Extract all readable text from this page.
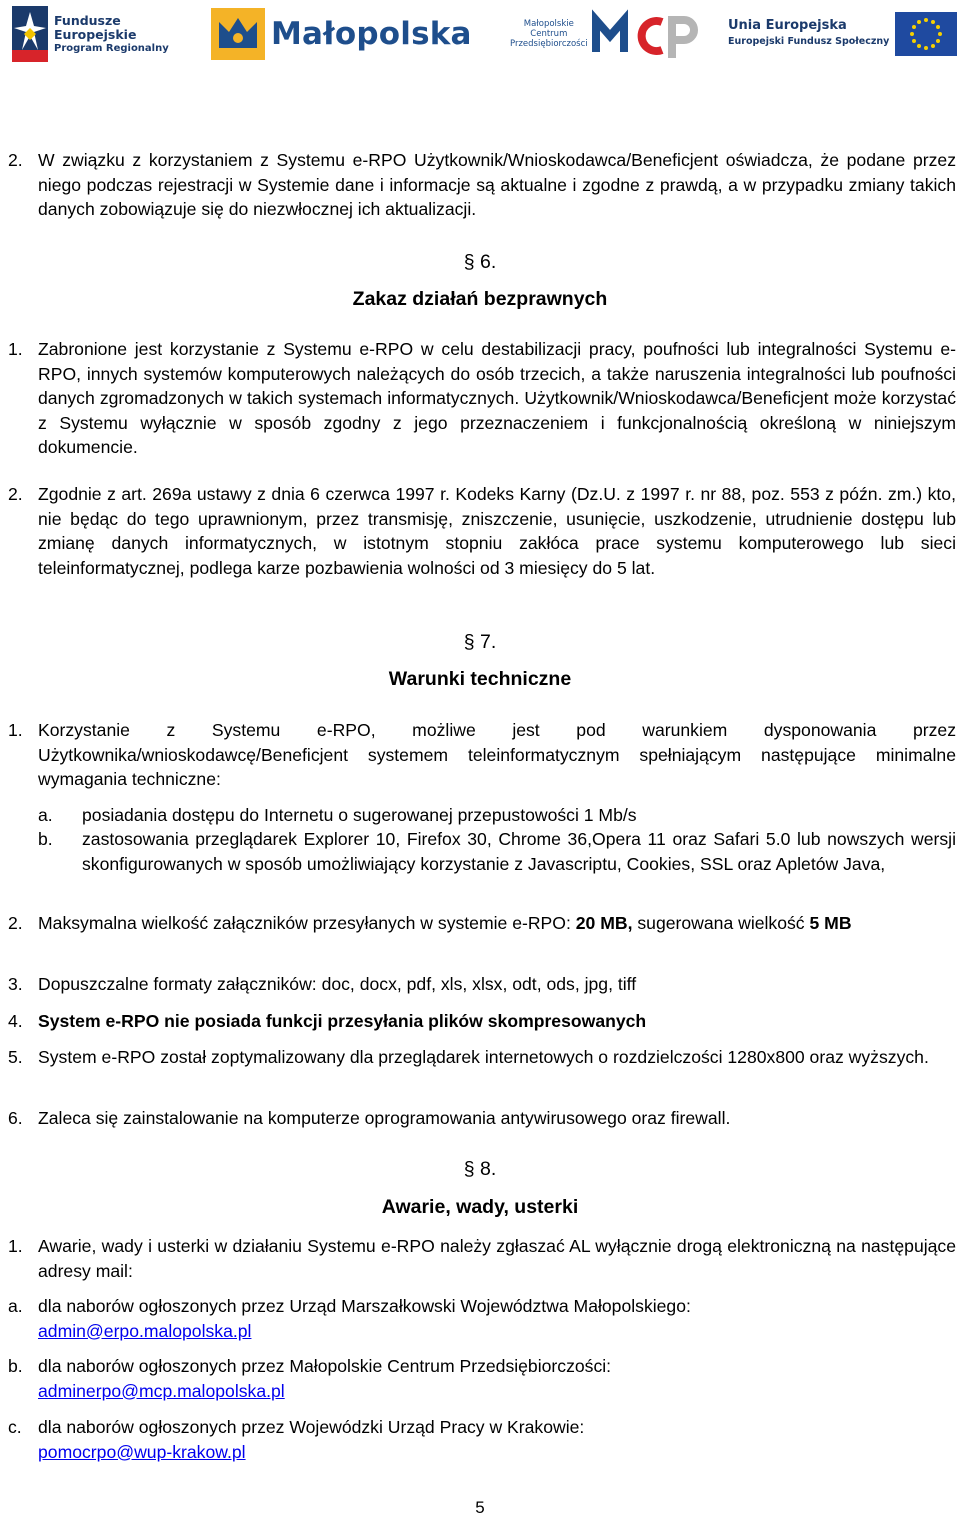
Fundusze
Europejskie
Program Regionalny	Małopolska	Małopolskie
Centrum
Przedsiębiorczości
Unia Europejska
Europejski Fundusz Społeczny
2. W związku z korzystaniem z Systemu e-RPO Użytkownik/Wnioskodawca/Beneficjent oświadcza, że podane przez niego podczas rejestracji w Systemie dane i informacje są aktualne i zgodne z prawdą, a w przypadku zmiany takich danych zobowiązuje się do niezwłocznej ich aktualizacji.
§ 6.
Zakaz działań bezprawnych
1. Zabronione jest korzystanie z Systemu e-RPO w celu destabilizacji pracy, poufności lub integralności Systemu e-RPO, innych systemów komputerowych należących do osób trzecich, a także naruszenia integralności lub poufności danych zgromadzonych w takich systemach informatycznych. Użytkownik/Wnioskodawca/Beneficjent może korzystać z Systemu wyłącznie w sposób zgodny z jego przeznaczeniem i funkcjonalnością określoną w niniejszym dokumencie.
2. Zgodnie z art. 269a ustawy z dnia 6 czerwca 1997 r. Kodeks Karny (Dz.U. z 1997 r. nr 88, poz. 553 z późn. zm.) kto, nie będąc do tego uprawnionym, przez transmisję, zniszczenie, usunięcie, uszkodzenie, utrudnienie dostępu lub zmianę danych informatycznych, w istotnym stopniu zakłóca prace systemu komputerowego lub sieci teleinformatycznej, podlega karze pozbawienia wolności od 3 miesięcy do 5 lat.
§ 7.
Warunki techniczne
1. Korzystanie z Systemu e-RPO, możliwe jest pod warunkiem dysponowania przez Użytkownika/wnioskodawcę/Beneficjent systemem teleinformatycznym spełniającym następujące minimalne wymagania techniczne:
a. posiadania dostępu do Internetu o sugerowanej przepustowości 1 Mb/s
b. zastosowania przeglądarek Explorer 10, Firefox 30, Chrome 36,Opera 11 oraz Safari 5.0 lub nowszych wersji skonfigurowanych w sposób umożliwiający korzystanie z Javascriptu, Cookies, SSL oraz Apletów Java,
2. Maksymalna wielkość załączników przesyłanych w systemie e-RPO: 20 MB, sugerowana wielkość 5 MB
3. Dopuszczalne formaty załączników: doc, docx, pdf, xls, xlsx, odt, ods, jpg, tiff
4. System e-RPO nie posiada funkcji przesyłania plików skompresowanych
5. System e-RPO został zoptymalizowany dla przeglądarek internetowych o rozdzielczości 1280x800 oraz wyższych.
6. Zaleca się zainstalowanie na komputerze oprogramowania antywirusowego oraz firewall.
§ 8.
Awarie, wady, usterki
1. Awarie, wady i usterki w działaniu Systemu e-RPO należy zgłaszać AL wyłącznie drogą elektroniczną na następujące adresy mail:
a. dla naborów ogłoszonych przez Urząd Marszałkowski Województwa Małopolskiego:
admin@erpo.malopolska.pl
b. dla naborów ogłoszonych przez Małopolskie Centrum Przedsiębiorczości:
adminerpo@mcp.malopolska.pl
c. dla naborów ogłoszonych przez Wojewódzki Urząd Pracy w Krakowie:
pomocrpo@wup-krakow.pl
5
